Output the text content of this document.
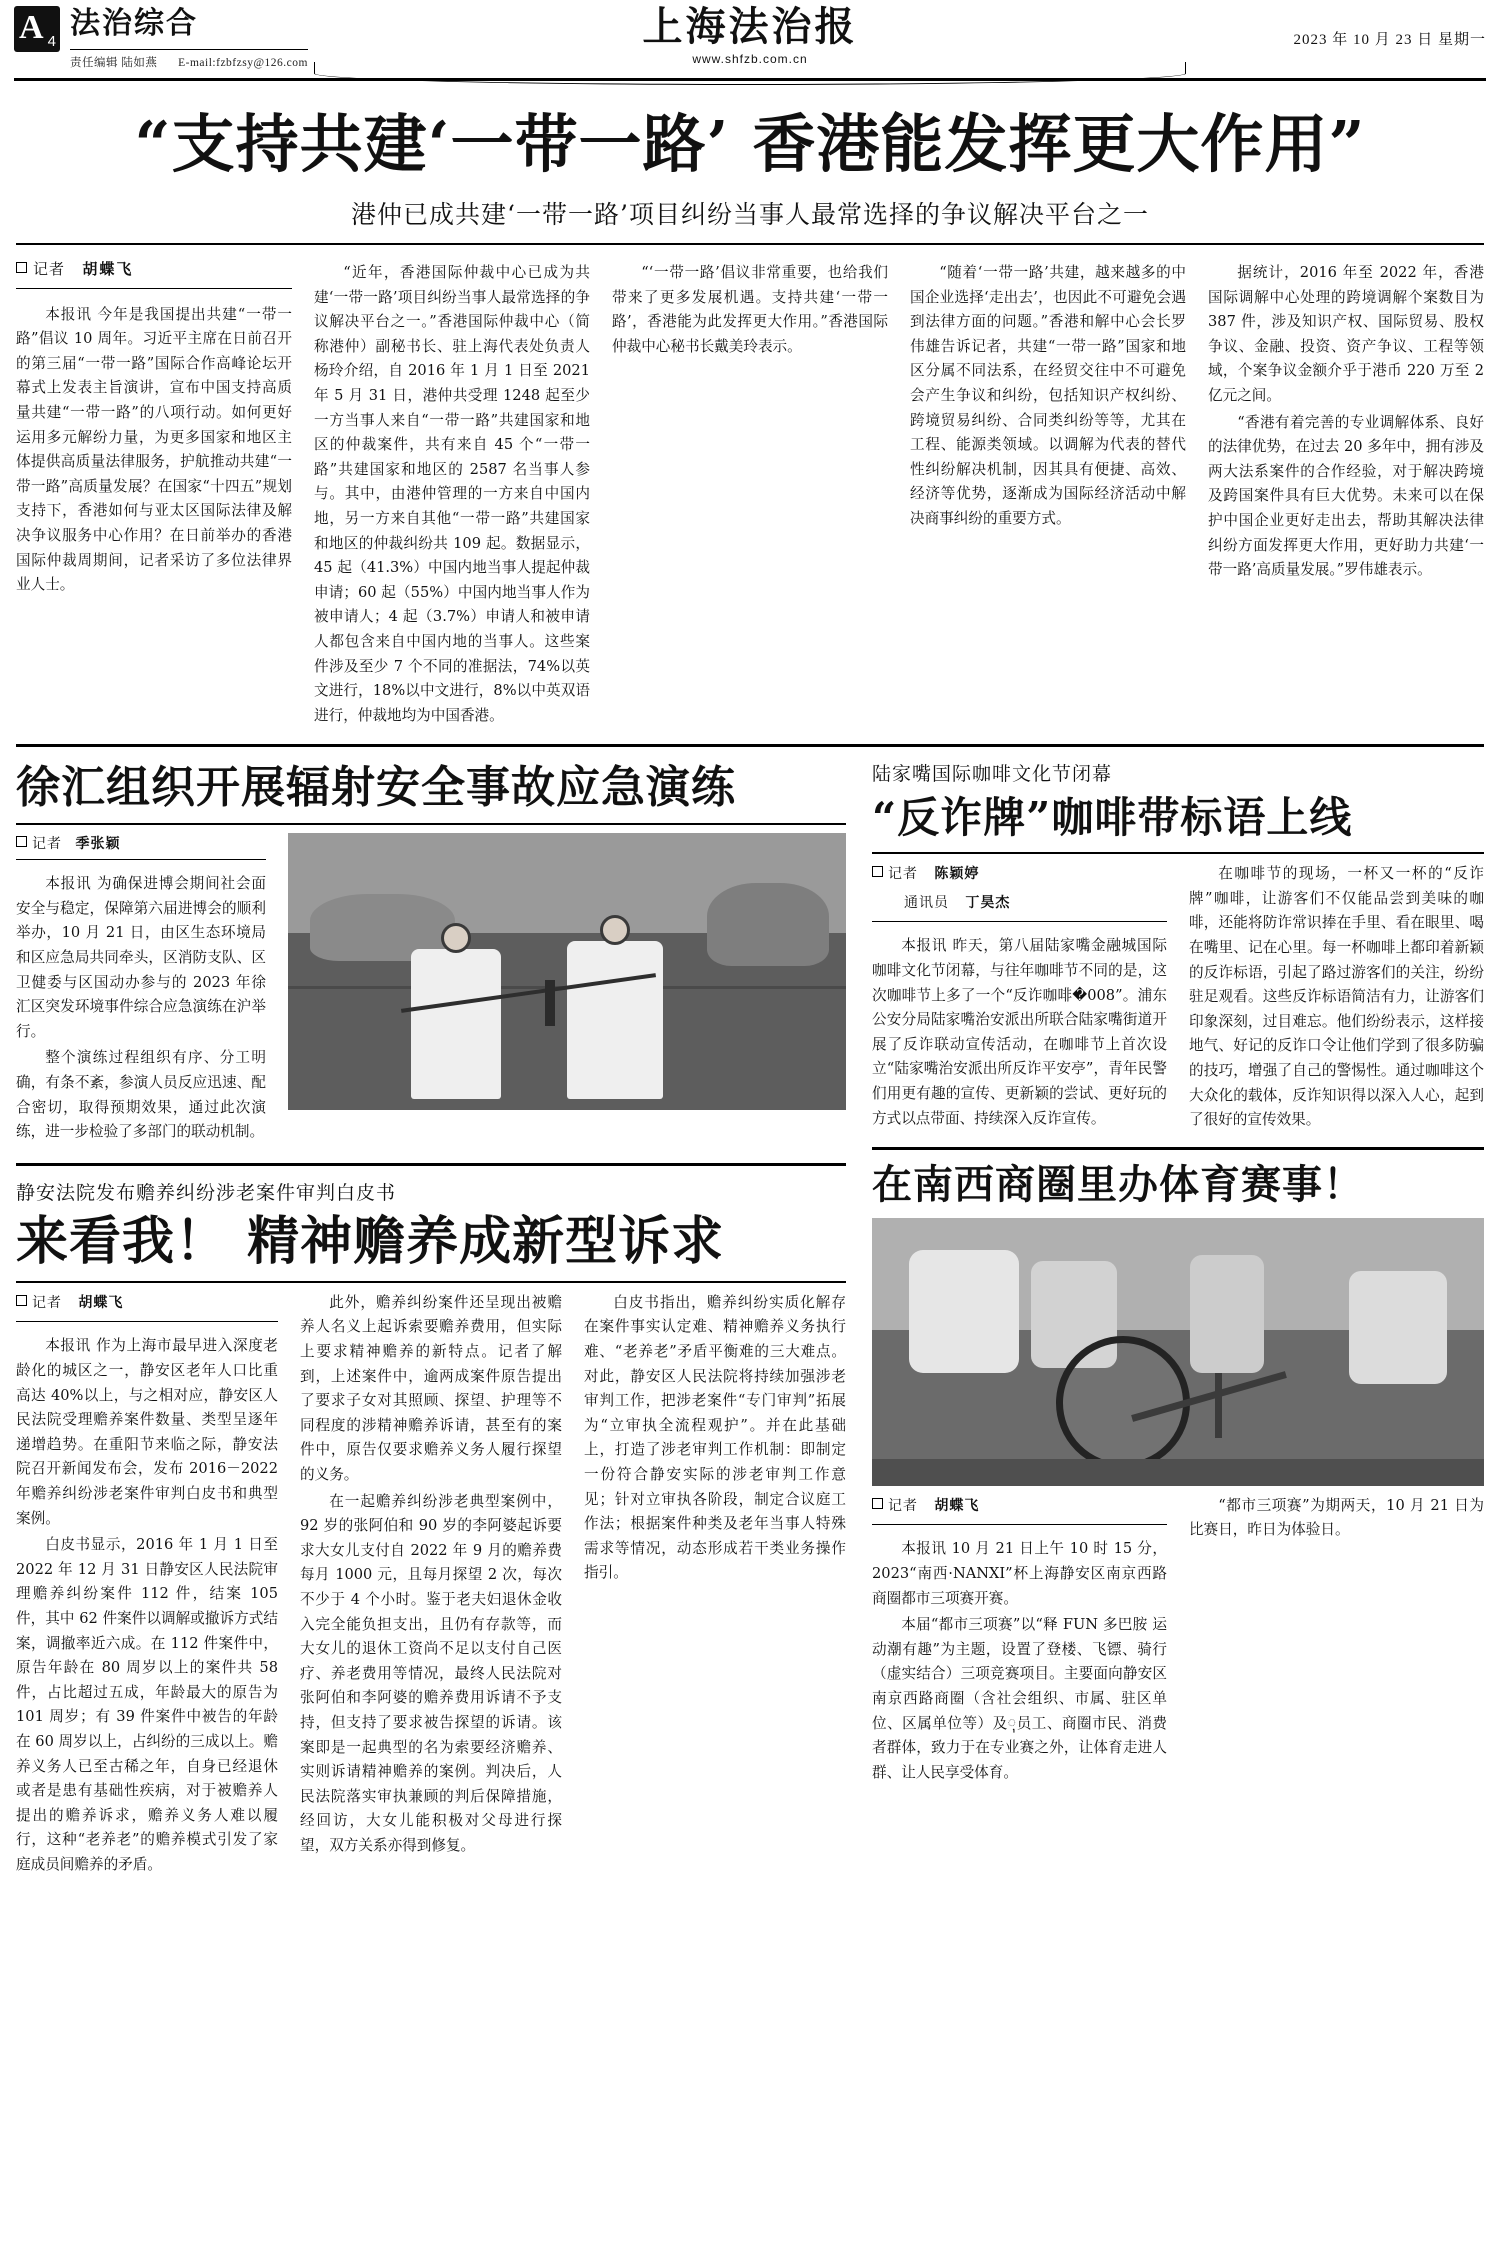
A 4
法治综合
责任编辑 陆如燕 E-mail:fzbfzsy@126.com
上海法治报
www.shfzb.com.cn
2023 年 10 月 23 日 星期一
“支持共建‘一带一路’ 香港能发挥更大作用”
港仲已成共建‘一带一路’项目纠纷当事人最常选择的争议解决平台之一
记者 胡蝶飞

本报讯 今年是我国提出共建“一带一路”倡议 10 周年。习近平主席在日前召开的第三届“一带一路”国际合作高峰论坛开幕式上发表主旨演讲，宣布中国支持高质量共建“一带一路”的八项行动。如何更好运用多元解纷力量，为更多国家和地区主体提供高质量法律服务，护航推动共建“一带一路”高质量发展？在国家“十四五”规划支持下，香港如何与亚太区国际法律及解决争议服务中心作用？在日前举办的香港国际仲裁周期间，记者采访了多位法律界业人士。

“近年，香港国际仲裁中心已成为共建‘一带一路’项目纠纷当事人最常选择的争议解决平台之一。”香港国际仲裁中心（简称港仲）副秘书长、驻上海代表处负责人杨玲介绍，自 2016 年 1 月 1 日至 2021 年 5 月 31 日，港仲共受理 1248 起至少一方当事人来自“一带一路”共建国家和地区的仲裁案件，共有来自 45 个“一带一路”共建国家和地区的 2587 名当事人参与。其中，由港仲管理的一方来自中国内地，另一方来自其他“一带一路”共建国家和地区的仲裁纠纷共 109 起。数据显示，45 起（41.3%）中国内地当事人提起仲裁申请；60 起（55%）中国内地当事人作为被申请人；4 起（3.7%）申请人和被申请人都包含来自中国内地的当事人。这些案件涉及至少 7 个不同的准据法，74%以英文进行，18%以中文进行，8%以中英双语进行，仲裁地均为中国香港。

“‘一带一路’倡议非常重要，也给我们带来了更多发展机遇。支持共建‘一带一路’，香港能为此发挥更大作用。”香港国际仲裁中心秘书长戴美玲表示。

“随着‘一带一路’共建，越来越多的中国企业选择‘走出去’，也因此不可避免会遇到法律方面的问题。”香港和解中心会长罗伟雄告诉记者，共建“一带一路”国家和地区分属不同法系，在经贸交往中不可避免会产生争议和纠纷，包括知识产权纠纷、跨境贸易纠纷、合同类纠纷等等，尤其在工程、能源类领域。以调解为代表的替代性纠纷解决机制，因其具有便捷、高效、经济等优势，逐渐成为国际经济活动中解决商事纠纷的重要方式。

据统计，2016 年至 2022 年，香港国际调解中心处理的跨境调解个案数目为 387 件，涉及知识产权、国际贸易、股权争议、金融、投资、资产争议、工程等领域，个案争议金额介乎于港币 220 万至 2 亿元之间。

“香港有着完善的专业调解体系、良好的法律优势，在过去 20 多年中，拥有涉及两大法系案件的合作经验，对于解决跨境及跨国案件具有巨大优势。未来可以在保护中国企业更好走出去，帮助其解决法律纠纷方面发挥更大作用，更好助力共建‘一带一路’高质量发展。”罗伟雄表示。

徐汇组织开展辐射安全事故应急演练
记者 季张颖

本报讯 为确保进博会期间社会面安全与稳定，保障第六届进博会的顺利举办，10 月 21 日，由区生态环境局和区应急局共同牵头，区消防支队、区卫健委与区国动办参与的 2023 年徐汇区突发环境事件综合应急演练在沪举行。

整个演练过程组织有序、分工明确，有条不紊，参演人员反应迅速、配合密切，取得预期效果，通过此次演练，进一步检验了多部门的联动机制。

静安法院发布赡养纠纷涉老案件审判白皮书
来看我！ 精神赡养成新型诉求
记者 胡蝶飞

本报讯 作为上海市最早进入深度老龄化的城区之一，静安区老年人口比重高达 40%以上，与之相对应，静安区人民法院受理赡养案件数量、类型呈逐年递增趋势。在重阳节来临之际，静安法院召开新闻发布会，发布 2016－2022 年赡养纠纷涉老案件审判白皮书和典型案例。

白皮书显示，2016 年 1 月 1 日至 2022 年 12 月 31 日静安区人民法院审理赡养纠纷案件 112 件，结案 105 件，其中 62 件案件以调解或撤诉方式结案，调撤率近六成。在 112 件案件中，原告年龄在 80 周岁以上的案件共 58 件，占比超过五成，年龄最大的原告为 101 周岁；有 39 件案件中被告的年龄在 60 周岁以上，占纠纷的三成以上。赡养义务人已至古稀之年，自身已经退休或者是患有基础性疾病，对于被赡养人提出的赡养诉求，赡养义务人难以履行，这种“老养老”的赡养模式引发了家庭成员间赡养的矛盾。

此外，赡养纠纷案件还呈现出被赡养人名义上起诉索要赡养费用，但实际上要求精神赡养的新特点。记者了解到，上述案件中，逾两成案件原告提出了要求子女对其照顾、探望、护理等不同程度的涉精神赡养诉请，甚至有的案件中，原告仅要求赡养义务人履行探望的义务。

在一起赡养纠纷涉老典型案例中，92 岁的张阿伯和 90 岁的李阿婆起诉要求大女儿支付自 2022 年 9 月的赡养费每月 1000 元，且每月探望 2 次，每次不少于 4 个小时。鉴于老夫妇退休金收入完全能负担支出，且仍有存款等，而大女儿的退休工资尚不足以支付自己医疗、养老费用等情况，最终人民法院对张阿伯和李阿婆的赡养费用诉请不予支持，但支持了要求被告探望的诉请。该案即是一起典型的名为索要经济赡养、实则诉请精神赡养的案例。判决后，人民法院落实审执兼顾的判后保障措施，经回访，大女儿能积极对父母进行探望，双方关系亦得到修复。

白皮书指出，赡养纠纷实质化解存在案件事实认定难、精神赡养义务执行难、“老养老”矛盾平衡难的三大难点。对此，静安区人民法院将持续加强涉老审判工作，把涉老案件“专门审判”拓展为“立审执全流程观护”。并在此基础上，打造了涉老审判工作机制：即制定一份符合静安实际的涉老审判工作意见；针对立审执各阶段，制定合议庭工作法；根据案件种类及老年当事人特殊需求等情况，动态形成若干类业务操作指引。

陆家嘴国际咖啡文化节闭幕
“反诈牌”咖啡带标语上线
记者 陈颖婷
通讯员 丁昊杰

本报讯 昨天，第八届陆家嘴金融城国际咖啡文化节闭幕，与往年咖啡节不同的是，这次咖啡节上多了一个“反诈咖啡�008”。浦东公安分局陆家嘴治安派出所联合陆家嘴街道开展了反诈联动宣传活动，在咖啡节上首次设立“陆家嘴治安派出所反诈平安亭”，青年民警们用更有趣的宣传、更新颖的尝试、更好玩的方式以点带面、持续深入反诈宣传。

在咖啡节的现场，一杯又一杯的“反诈牌”咖啡，让游客们不仅能品尝到美味的咖啡，还能将防诈常识捧在手里、看在眼里、喝在嘴里、记在心里。每一杯咖啡上都印着新颖的反诈标语，引起了路过游客们的关注，纷纷驻足观看。这些反诈标语简洁有力，让游客们印象深刻，过目难忘。他们纷纷表示，这样接地气、好记的反诈口令让他们学到了很多防骗的技巧，增强了自己的警惕性。通过咖啡这个大众化的载体，反诈知识得以深入人心，起到了很好的宣传效果。

在南西商圈里办体育赛事！
记者 胡蝶飞

本报讯 10 月 21 日上午 10 时 15 分，2023“南西·NANXI”杯上海静安区南京西路商圈都市三项赛开赛。

本届“都市三项赛”以“释 FUN 多巴胺 运动潮有趣”为主题，设置了登楼、飞镖、骑行（虚实结合）三项竞赛项目。主要面向静安区南京西路商圈（含社会组织、市属、驻区单位、区属单位等）及ុ员工、商圈市民、消费者群体，致力于在专业赛之外，让体育走进人群、让人民享受体育。

“都市三项赛”为期两天，10 月 21 日为比赛日，昨日为体验日。
